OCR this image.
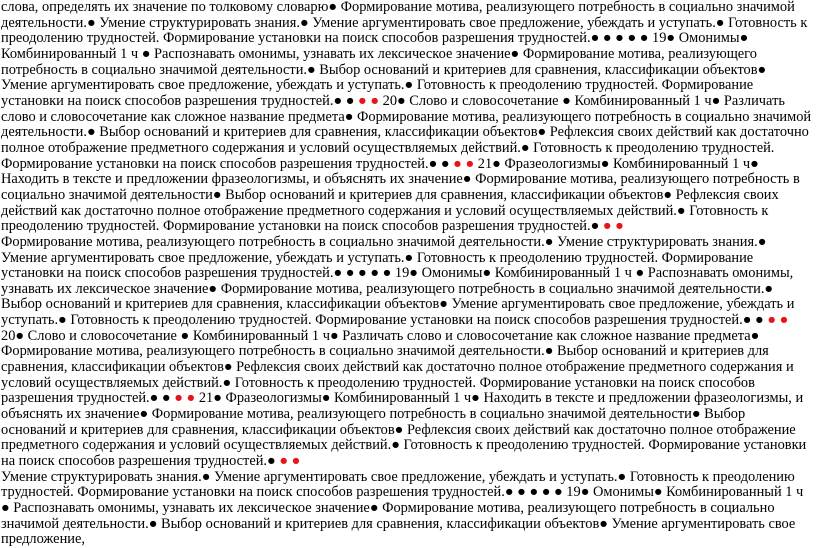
слова, определять их значение по толковому словарю● Формирование мотива, реализующего потребность в социально значимой деятельности.● Умение структурировать знания.● Умение аргументировать свое предложение, убеждать и уступать.● Готовность к преодолению трудностей. Формирование установки на поиск способов разрешения трудностей.● ● ● ● ● 19● Омонимы● Комбинированный 1 ч ● Распознавать омонимы, узнавать их лексическое значение● Формирование мотива, реализующего потребность в социально значимой деятельности.● Выбор оснований и критериев для сравнения, классификации объектов● Умение аргументировать свое предложение, убеждать и уступать.● Готовность к преодолению трудностей. Формирование установки на поиск способов разрешения трудностей.● ● ● ● 20● Слово и словосочетание ● Комбинированный 1 ч● Различать слово и словосочетание как сложное название предмета● Формирование мотива, реализующего потребность в социально значимой деятельности.● Выбор оснований и критериев для сравнения, классификации объектов● Рефлексия своих действий как достаточно полное отображение предметного содержания и условий осуществляемых действий.● Готовность к преодолению трудностей. Формирование установки на поиск способов разрешения трудностей.● ● ● ● 21● Фразеологизмы● Комбинированный 1 ч● Находить в тексте и предложении фразеологизмы, и объяснять их значение● Формирование мотива, реализующего потребность в социально значимой деятельности● Выбор оснований и критериев для сравнения, классификации объектов● Рефлексия своих действий как достаточно полное отображение предметного содержания и условий осуществляемых действий.● Готовность к преодолению трудностей. Формирование установки на поиск способов разрешения трудностей.● ● ●

Формирование мотива, реализующего потребность в социально значимой деятельности.● Умение структурировать знания.● Умение аргументировать свое предложение, убеждать и уступать.● Готовность к преодолению трудностей. Формирование установки на поиск способов разрешения трудностей.● ● ● ● ● 19● Омонимы● Комбинированный 1 ч ● Распознавать омонимы, узнавать их лексическое значение● Формирование мотива, реализующего потребность в социально значимой деятельности.● Выбор оснований и критериев для сравнения, классификации объектов● Умение аргументировать свое предложение, убеждать и уступать.● Готовность к преодолению трудностей. Формирование установки на поиск способов разрешения трудностей.● ● ● ● 20● Слово и словосочетание ● Комбинированный 1 ч● Различать слово и словосочетание как сложное название предмета● Формирование мотива, реализующего потребность в социально значимой деятельности.● Выбор оснований и критериев для сравнения, классификации объектов● Рефлексия своих действий как достаточно полное отображение предметного содержания и условий осуществляемых действий.● Готовность к преодолению трудностей. Формирование установки на поиск способов разрешения трудностей.● ● ● ● 21● Фразеологизмы● Комбинированный 1 ч● Находить в тексте и предложении фразеологизмы, и объяснять их значение● Формирование мотива, реализующего потребность в социально значимой деятельности● Выбор оснований и критериев для сравнения, классификации объектов● Рефлексия своих действий как достаточно полное отображение предметного содержания и условий осуществляемых действий.● Готовность к преодолению трудностей. Формирование установки на поиск способов разрешения трудностей.● ● ●

Умение структурировать знания.● Умение аргументировать свое предложение, убеждать и уступать.● Готовность к преодолению трудностей. Формирование установки на поиск способов разрешения трудностей.● ● ● ● ● 19● Омонимы● Комбинированный 1 ч ● Распознавать омонимы, узнавать их лексическое значение● Формирование мотива, реализующего потребность в социально значимой деятельности.● Выбор оснований и критериев для сравнения, классификации объектов● Умение аргументировать свое предложение,
